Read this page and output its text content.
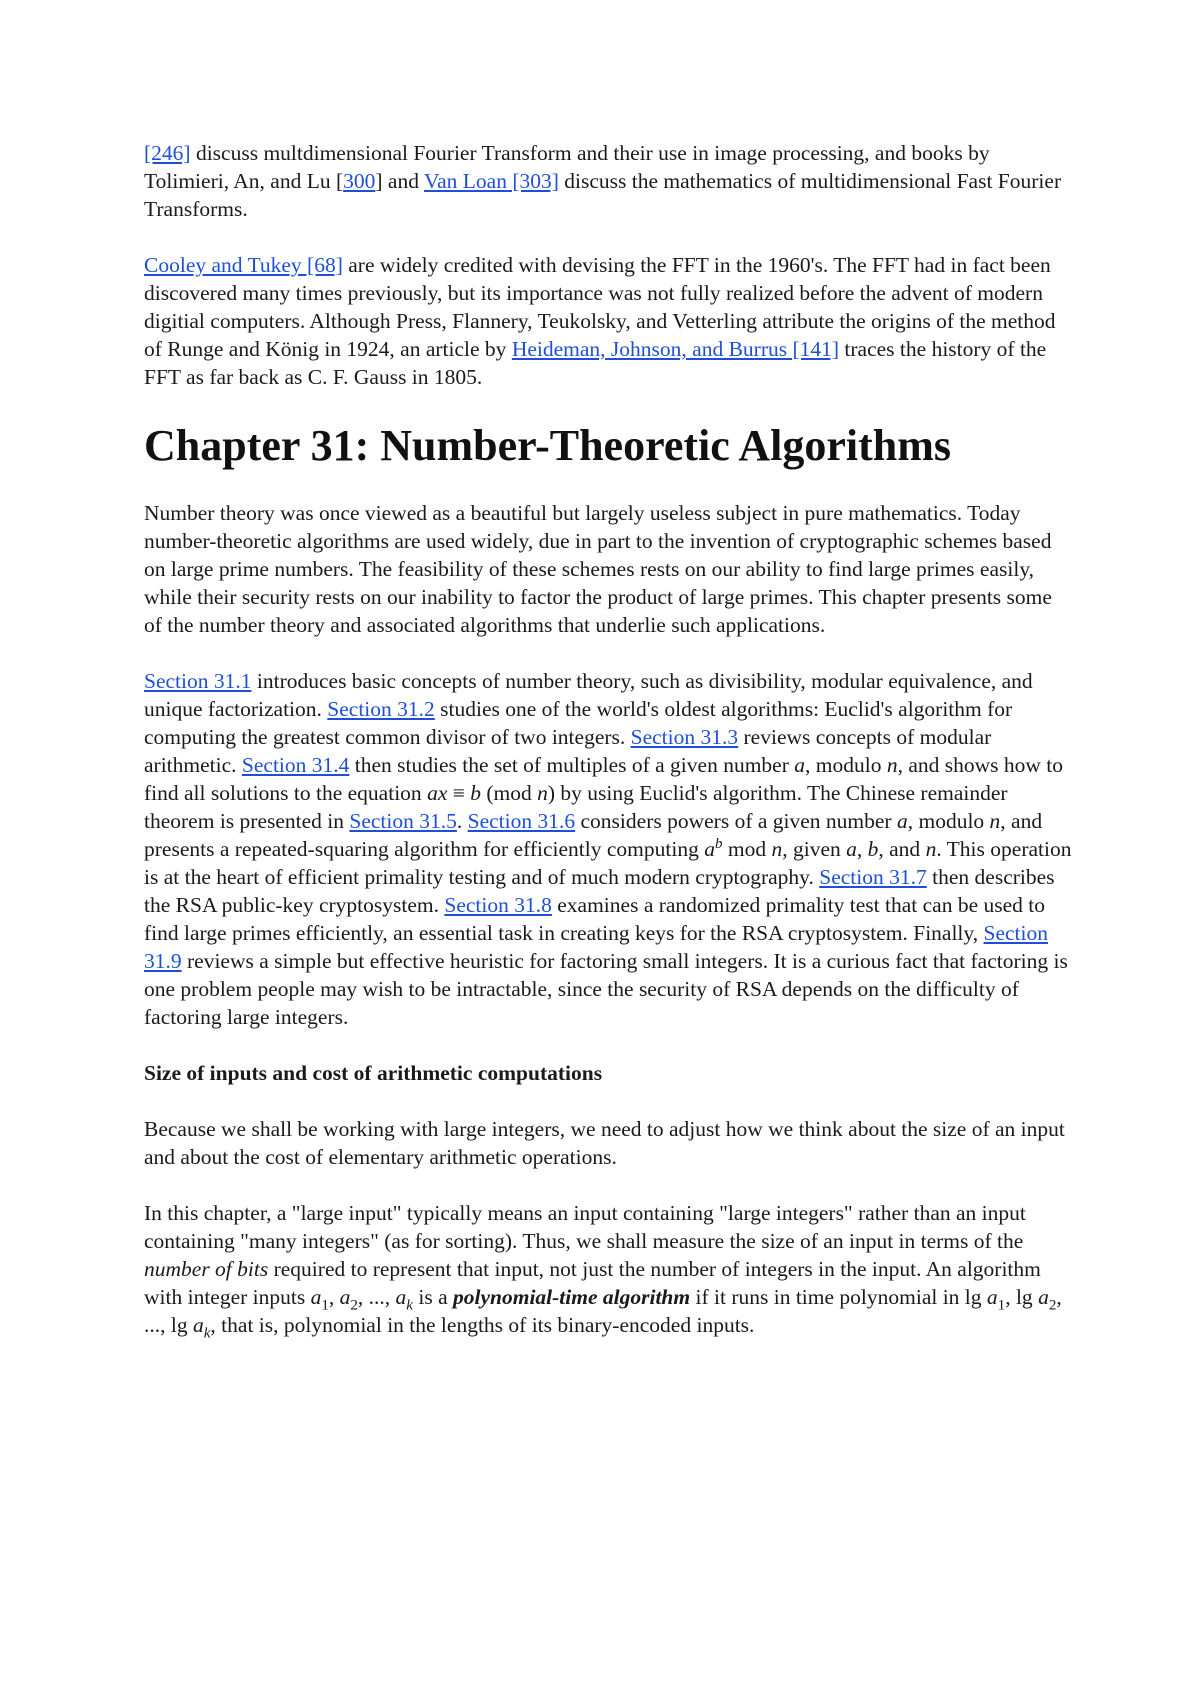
[246] discuss multdimensional Fourier Transform and their use in image processing, and books by Tolimieri, An, and Lu [300] and Van Loan [303] discuss the mathematics of multidimensional Fast Fourier Transforms.

Cooley and Tukey [68] are widely credited with devising the FFT in the 1960's. The FFT had in fact been discovered many times previously, but its importance was not fully realized before the advent of modern digitial computers. Although Press, Flannery, Teukolsky, and Vetterling attribute the origins of the method of Runge and König in 1924, an article by Heideman, Johnson, and Burrus [141] traces the history of the FFT as far back as C. F. Gauss in 1805.

Chapter 31: Number-Theoretic Algorithms

Number theory was once viewed as a beautiful but largely useless subject in pure mathematics. Today number-theoretic algorithms are used widely, due in part to the invention of cryptographic schemes based on large prime numbers. The feasibility of these schemes rests on our ability to find large primes easily, while their security rests on our inability to factor the product of large primes. This chapter presents some of the number theory and associated algorithms that underlie such applications.

Section 31.1 introduces basic concepts of number theory, such as divisibility, modular equivalence, and unique factorization. Section 31.2 studies one of the world's oldest algorithms: Euclid's algorithm for computing the greatest common divisor of two integers. Section 31.3 reviews concepts of modular arithmetic. Section 31.4 then studies the set of multiples of a given number a, modulo n, and shows how to find all solutions to the equation ax ≡ b (mod n) by using Euclid's algorithm. The Chinese remainder theorem is presented in Section 31.5. Section 31.6 considers powers of a given number a, modulo n, and presents a repeated-squaring algorithm for efficiently computing $a^b$ mod n, given a, b, and n. This operation is at the heart of efficient primality testing and of much modern cryptography. Section 31.7 then describes the RSA public-key cryptosystem. Section 31.8 examines a randomized primality test that can be used to find large primes efficiently, an essential task in creating keys for the RSA cryptosystem. Finally, Section 31.9 reviews a simple but effective heuristic for factoring small integers. It is a curious fact that factoring is one problem people may wish to be intractable, since the security of RSA depends on the difficulty of factoring large integers.

Size of inputs and cost of arithmetic computations

Because we shall be working with large integers, we need to adjust how we think about the size of an input and about the cost of elementary arithmetic operations.

In this chapter, a "large input" typically means an input containing "large integers" rather than an input containing "many integers" (as for sorting). Thus, we shall measure the size of an input in terms of the number of bits required to represent that input, not just the number of integers in the input. An algorithm with integer inputs $a_1$, $a_2$, ..., $a_k$ is a polynomial-time algorithm if it runs in time polynomial in $\lg a_1$, $\lg a_2$, ..., $\lg a_k$, that is, polynomial in the lengths of its binary-encoded inputs.
